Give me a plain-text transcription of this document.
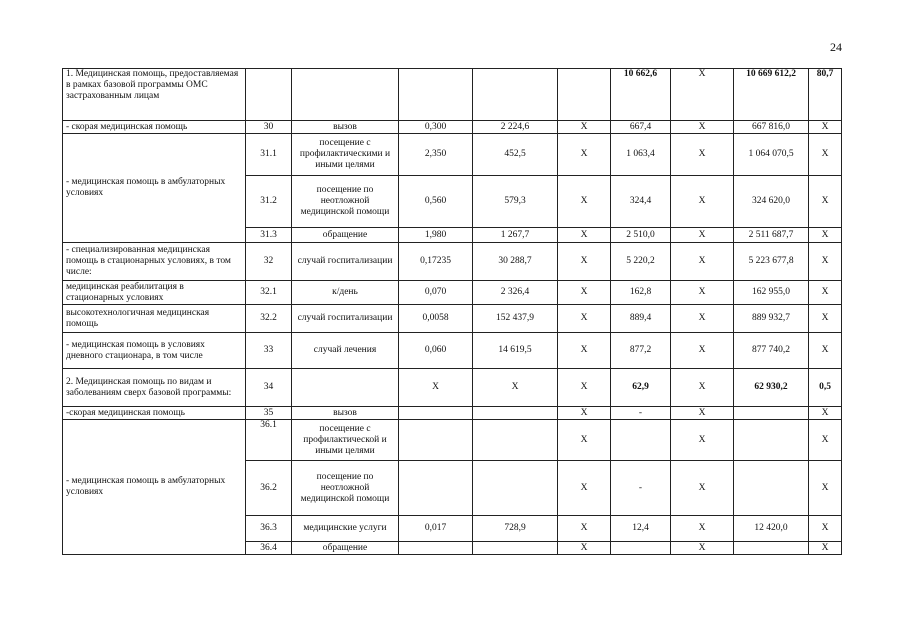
24
1. Медицинская помощь, предоставляемая в рамках базовой программы ОМС застрахованным лицам						10 662,6	Х	10 669 612,2	80,7
- скорая медицинская помощь	30	вызов	0,300	2 224,6	Х	667,4	Х	667 816,0	Х
- медицинская помощь в амбулаторных условиях	31.1	посещение с профилактическими и иными целями	2,350	452,5	Х	1 063,4	Х	1 064 070,5	Х
	31.2	посещение по неотложной медицинской помощи	0,560	579,3	Х	324,4	Х	324 620,0	Х
	31.3	обращение	1,980	1 267,7	Х	2 510,0	Х	2 511 687,7	Х
- специализированная медицинская помощь в стационарных условиях, в том числе:	32	случай госпитализации	0,17235	30 288,7	Х	5 220,2	Х	5 223 677,8	Х
медицинская реабилитация в стационарных условиях	32.1	к/день	0,070	2 326,4	Х	162,8	Х	162 955,0	Х
высокотехнологичная медицинская помощь	32.2	случай госпитализации	0,0058	152 437,9	Х	889,4	Х	889 932,7	Х
- медицинская помощь в условиях дневного стационара, в том числе	33	случай лечения	0,060	14 619,5	Х	877,2	Х	877 740,2	Х
2. Медицинская помощь по видам и заболеваниям сверх базовой программы:	34		Х	Х	Х	62,9	Х	62 930,2	0,5
-скорая медицинская помощь	35	вызов			Х	-	Х		Х
- медицинская помощь в амбулаторных условиях	36.1	посещение с профилактической и иными целями			Х		Х		Х
	36.2	посещение по неотложной медицинской помощи			Х	-	Х		Х
	36.3	медицинские услуги	0,017	728,9	Х	12,4	Х	12 420,0	Х
	36.4	обращение			Х		Х		Х
